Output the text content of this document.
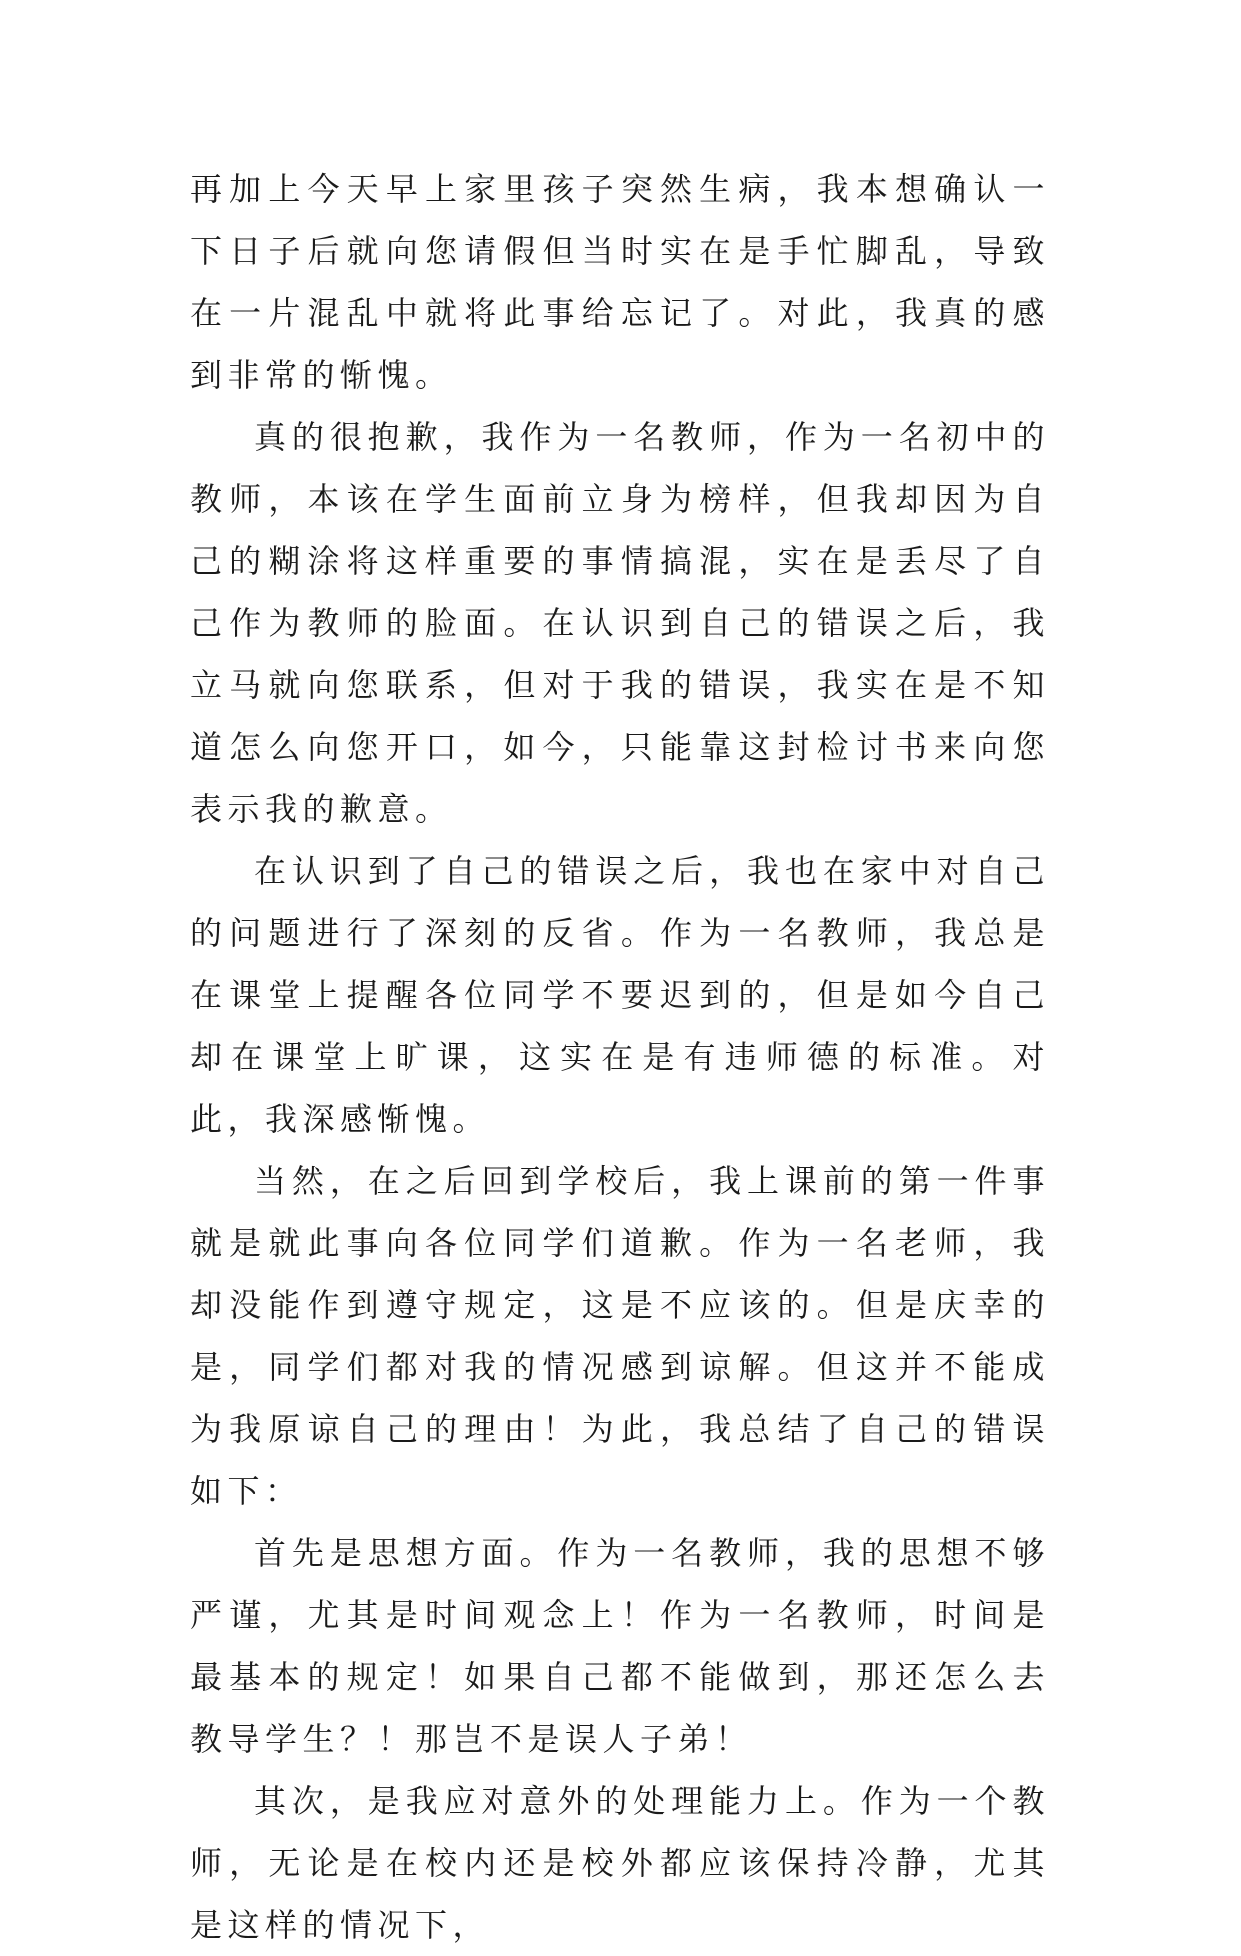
再加上今天早上家里孩子突然生病，我本想确认一下日子后就向您请假但当时实在是手忙脚乱，导致在一片混乱中就将此事给忘记了。对此，我真的感到非常的惭愧。

真的很抱歉，我作为一名教师，作为一名初中的教师，本该在学生面前立身为榜样，但我却因为自己的糊涂将这样重要的事情搞混，实在是丢尽了自己作为教师的脸面。在认识到自己的错误之后，我立马就向您联系，但对于我的错误，我实在是不知道怎么向您开口，如今，只能靠这封检讨书来向您表示我的歉意。

在认识到了自己的错误之后，我也在家中对自己的问题进行了深刻的反省。作为一名教师，我总是在课堂上提醒各位同学不要迟到的，但是如今自己却在课堂上旷课，这实在是有违师德的标准。对此，我深感惭愧。

当然，在之后回到学校后，我上课前的第一件事就是就此事向各位同学们道歉。作为一名老师，我却没能作到遵守规定，这是不应该的。但是庆幸的是，同学们都对我的情况感到谅解。但这并不能成为我原谅自己的理由！为此，我总结了自己的错误如下：

首先是思想方面。作为一名教师，我的思想不够严谨，尤其是时间观念上！作为一名教师，时间是最基本的规定！如果自己都不能做到，那还怎么去教导学生？！那岂不是误人子弟！

其次，是我应对意外的处理能力上。作为一个教师，无论是在校内还是校外都应该保持冷静，尤其是这样的情况下，
